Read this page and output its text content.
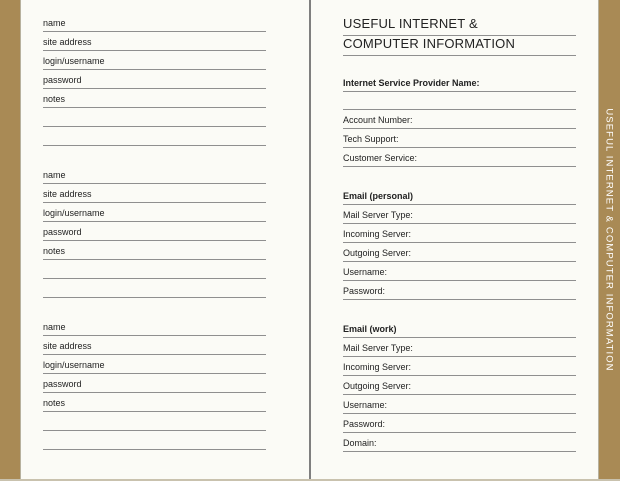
USEFUL INTERNET & COMPUTER INFORMATION
name
site address
login/username
password
notes
name
site address
login/username
password
notes
name
site address
login/username
password
notes
USEFUL INTERNET &
COMPUTER INFORMATION
Internet Service Provider Name:
Account Number:
Tech Support:
Customer Service:
Email (personal)
Mail Server Type:
Incoming Server:
Outgoing Server:
Username:
Password:
Email (work)
Mail Server Type:
Incoming Server:
Outgoing Server:
Username:
Password:
Domain:
